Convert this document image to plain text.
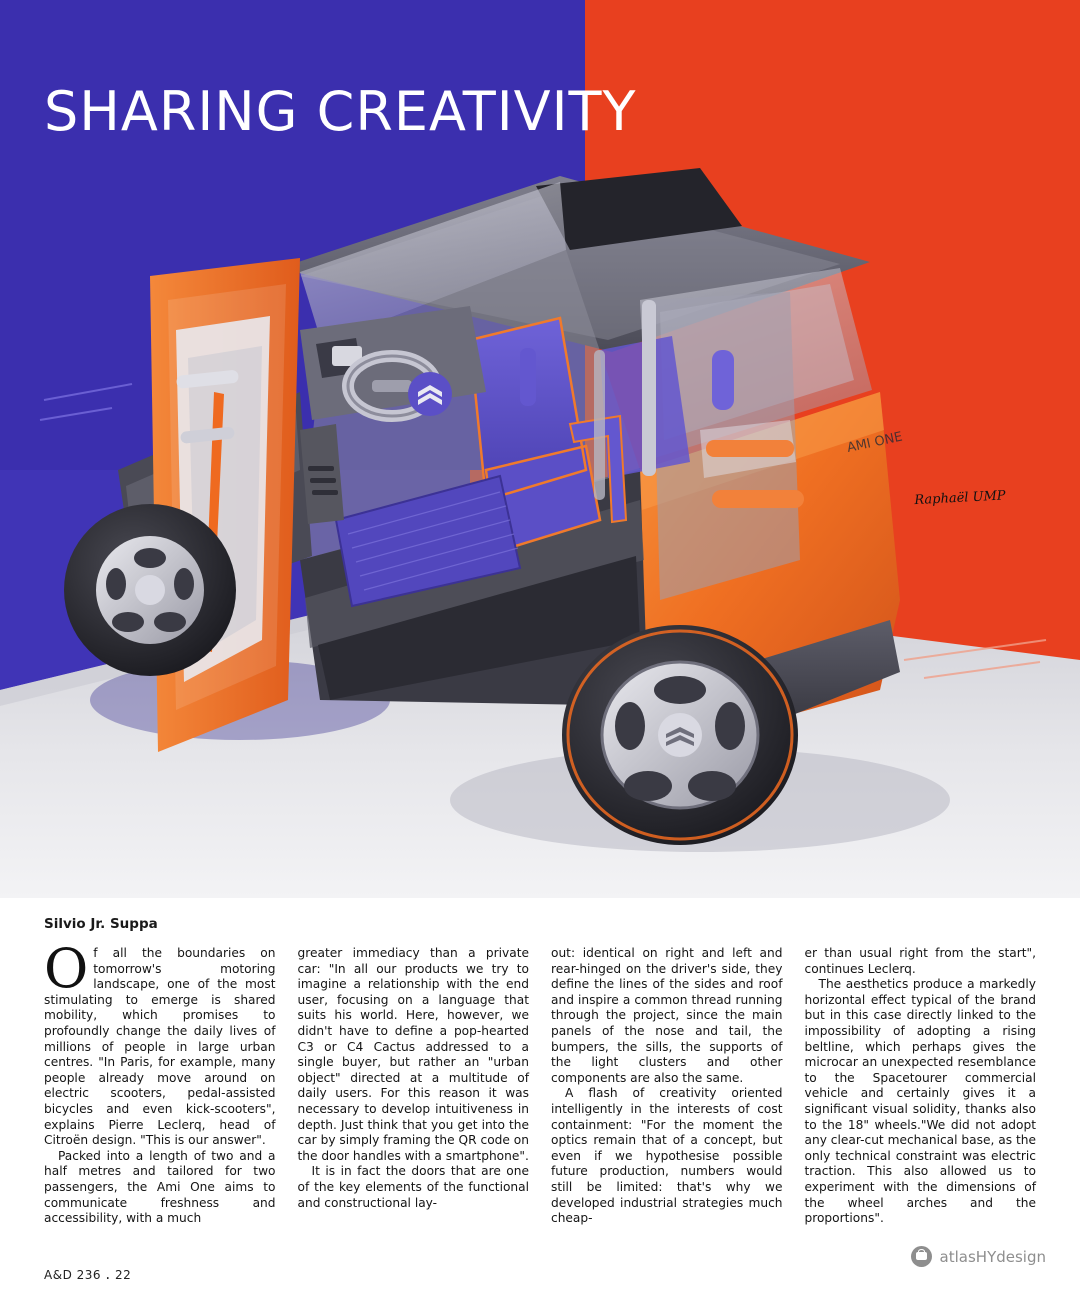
AMI ONE
SHARING CREATIVITY
Raphaël UMP
Silvio Jr. Suppa

Of all the boundaries on tomorrow's motoring landscape, one of the most stimulating to emerge is shared mobility, which promises to profoundly change the daily lives of millions of people in large urban centres. "In Paris, for example, many people already move around on electric scooters, pedal-assisted bicycles and even kick-scooters", explains Pierre Leclerq, head of Citroën design. "This is our answer".

Packed into a length of two and a half metres and tailored for two passengers, the Ami One aims to communicate freshness and accessibility, with a much

greater immediacy than a private car: "In all our products we try to imagine a relationship with the end user, focusing on a language that suits his world. Here, however, we didn't have to define a pop-hearted C3 or C4 Cactus addressed to a single buyer, but rather an "urban object" directed at a multitude of daily users. For this reason it was necessary to develop intuitiveness in depth. Just think that you get into the car by simply framing the QR code on the door handles with a smartphone".

It is in fact the doors that are one of the key elements of the functional and constructional lay-

out: identical on right and left and rear-hinged on the driver's side, they define the lines of the sides and roof and inspire a common thread running through the project, since the main panels of the nose and tail, the bumpers, the sills, the supports of the light clusters and other components are also the same.

A flash of creativity oriented intelligently in the interests of cost containment: "For the moment the optics remain that of a concept, but even if we hypothesise possible future production, numbers would still be limited: that's why we developed industrial strategies much cheap-

er than usual right from the start", continues Leclerq.

The aesthetics produce a markedly horizontal effect typical of the brand but in this case directly linked to the impossibility of adopting a rising beltline, which perhaps gives the microcar an unexpected resemblance to the Spacetourer commercial vehicle and certainly gives it a significant visual solidity, thanks also to the 18" wheels."We did not adopt any clear-cut mechanical base, as the only technical constraint was electric traction. This also allowed us to experiment with the dimensions of the wheel arches and the proportions".

A&D 236 . 22
atlasHYdesign
